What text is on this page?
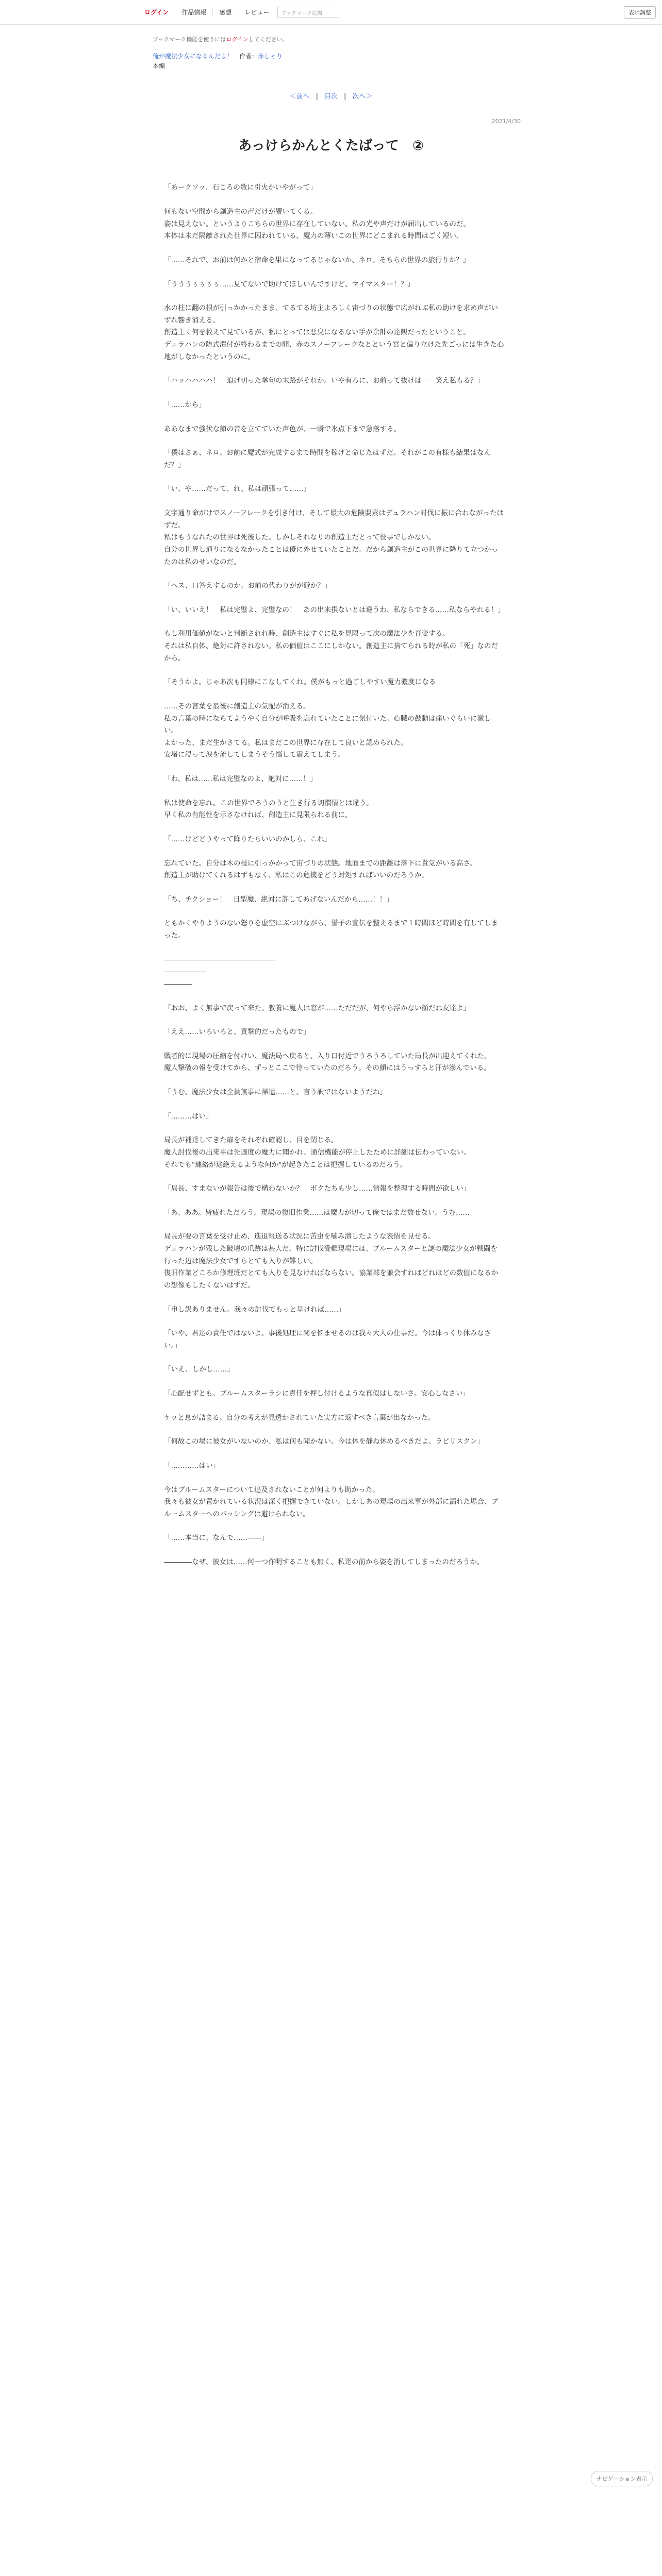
ログイン 作品情報 感想 レビュー	ブックマーク追加	表示調整
ブックマーク機能を使うにはログインしてください。
俺が魔法少女になるんだよ！　 作者：赤しゃり
本編
＜前へ | 目次 | 次へ＞
2021/4/30
あっけらかんとくたばって　②

「あークソッ、石ころの数に引火かいやがって」

何もない空間から創造主の声だけが響いてくる。
姿は見えない。というよりこちらの世界に存在していない。私の光や声だけが届出しているのだ。
本体は未だ隔離された世界に囚われている、魔力の薄いこの世界にどこまれる時間はごく短い。

「……それで、お前は何かと宿命を果になってるじゃないか、ネロ。そちらの世界の旅行りか？」

「うううぅぅぅぅ……見てないで助けてほしいんですけど、マイマスター！？」

水の柱に翻の根が引っかかったまま、てるてる坊主よろしく宙づりの状態で広がれぶ私の助けを求め声がいずれ響き消える。
創造主く何を救えて見ているが、私にとっては悪臭になるない手が余計の達観だったということ。
デュラハンの防式潰付が終わるまでの間、赤のスノーフレークなとという宮と偏り立けた先ごっには生きた心地がしなかったというのに。

「ハッハハハハ！　迫げ切った挙句の末路がそれか。いや有ろに、お前って抜けは――笑え私もる？」

「……から」

ああなまで強伏な節の音を立てていた声色が、一瞬で氷点下まで急落する。

「僕はさぁ、ネロ。お前に魔式が完成するまで時間を稼げと命じたはずだ。それがこの有様も結果はなんだ？」

「い、や……だって、れ、私は頑張って……」

文字通り命がけでスノーフレークを引き付け、そして最大の危険要素はデュラハン討伐に振に合わながったはずだ。
私はもうなれたの世界は死後した。しかしそれなりの創造主だとって役事でしかない。
自分の世界し通りになるなかったことは優に外せていたことだ。だから創造主がこの世界に降りて立つかったのは私のせいなのだ。

「ヘス、口答えするのか。お前の代わりがが避か？」

「い、いいえ！　私は完璧よ、完璧なの！　あの出来損ないとは違うわ、私ならできる……私ならやれる！」

もし利用価値がないと判断されれ時、創造主はすぐに私を見限って次の魔法少を育変する。
それは私自体、絶対に許されない。私の価値はここにしかない。創造主に捨てられる時が私の「死」なのだから。

「そうかよ。じゃあ次も同様にこなしてくれ。僕がもっと過ごしやすい魔力濃度になる

……その言葉を最後に創造主の気配が消える。
私の言葉の時にならてようやく自分が呼吸を忘れていたことに気付いた。心臓の鼓動は痛いぐらいに激しい。
よかった、まだ生かさてる。私はまだこの世界に存在して良いと認められた。
安堵に浸って涙を流してしまうそう悩して震えてしまう。

「わ、私は……私は完璧なのよ、絶対に……！」

私は使命を忘れ。この世界でろうのうと生き行る切慣情とは違う。
早く私の有能性を示さなければ、創造主に見限られる前に。

「……けどどうやって降りたらいいのかしら、これ」

忘れていた。自分は木の枝に引っかかって宙づりの状態。地面までの距離は落下に貰気がいる高さ。
創造主が助けてくれるはずもなく、私はこの危機をどう対処すればいいのだろうか。

「ち、チクショー！　日型魔、絶対に許してあげないんだから……！！」

ともかくやりようのない怒りを虚空にぶつけながら、誓子の宣伝を整えるまで１時間ほど時間を有してしまった。

――――――――――――――――
――――――
――――

「おお、よく無事で戻って来た。教養に魔人は窓が……ただだが、何やら浮かない顔だね友達よ」

「ええ……いろいろと、責撃的だったもので」

戦者的に現場の圧縮を付けい、魔法局へ戻ると、入り口付近でうろうろしていた局長が出迎えてくれた。
魔人撃破の報を受けてから、ずっとここで待っていたのだろう。その顔にはうっすらと汗が滲んでいる。

「うむ、魔法少女は全員無事に帰還……と、言う訳ではないようだね」

「………はい」

局長が補達してきた扉をそれぞれ確認し、目を閉じる。
魔人討伐後の出来事は先週度の魔力に聞かれ、通信機能が停止したために詳細は伝わっていない。
それでも"連絡が途絶えるような何か"が起きたことは把握しているのだろう。

「局長、すまないが報告は後で構わないか？　ボクたちも少し……情報を整理する時間が欲しい」

「あ、ああ。皆疲れただろう。現場の復旧作業……は魔力が切って俺ではまだ数せない。うむ……」

局長が要の言葉を受け止め、進退報送る状況に苦虫を噛み潰したような表情を見せる。
デュラハンが残した破壊の爪跡は甚大だ。特に討伐受難現場には、ブルームスターと謎の魔法少女が戦闘を行った辺は魔法少女ですらとても入りが難しい。
復旧作業どころか修理班だとても入りを見なければならない。協業部を兼会すればどれほどの数値になるかの想像もしたくないはずだ。

「申し訳ありません。我々の討伐でもっと早ければ……」

「いや、君達の責任ではないよ。事後処理に関を悩ませるのは我々大人の仕事だ。今は体っくり休みなさい。」

「いえ、しかし……」

「心配せずとも、ブルームスターラシに責任を押し付けるような真似はしないさ。安心しなさい」

ケッと息が詰まる。自分の考えが見透かされていた実方に返すべき言葉が出なかった。

「何故この場に彼女がいないのか、私は何も聞かない。今は体を静ね休めるべきだよ、ラピリスクン」

「…………はい」

今はブルームスターについて追及されないことが何よりも助かった。
我々も彼女が置かれている状況は深く把握できていない。しかしあの現場の出来事が外部に漏れた場合、ブルームスターへのバッシングは避けられない。

「……本当に、なんで……――」

――――なぜ、彼女は……何一つ作明することも無く、私達の前から姿を消してしまったのだろうか。

ナビゲーション表示
